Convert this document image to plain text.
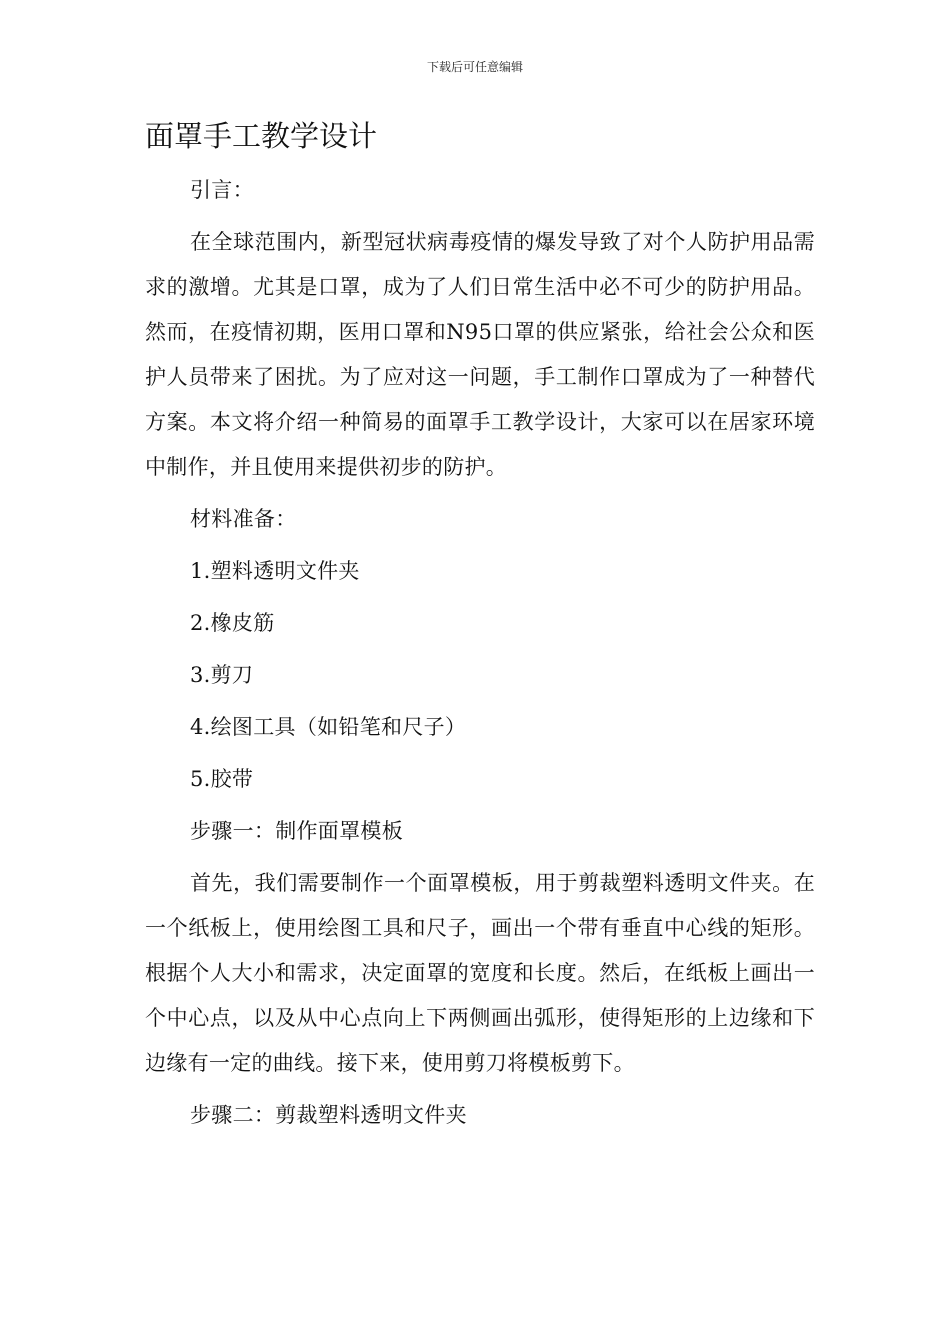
下载后可任意编辑
面罩手工教学设计

引言：

在全球范围内，新型冠状病毒疫情的爆发导致了对个人防护用品需求的激增。尤其是口罩，成为了人们日常生活中必不可少的防护用品。然而，在疫情初期，医用口罩和N95口罩的供应紧张，给社会公众和医护人员带来了困扰。为了应对这一问题，手工制作口罩成为了一种替代方案。本文将介绍一种简易的面罩手工教学设计，大家可以在居家环境中制作，并且使用来提供初步的防护。

材料准备：

1.塑料透明文件夹

2.橡皮筋

3.剪刀

4.绘图工具（如铅笔和尺子）

5.胶带

步骤一：制作面罩模板

首先，我们需要制作一个面罩模板，用于剪裁塑料透明文件夹。在一个纸板上，使用绘图工具和尺子，画出一个带有垂直中心线的矩形。根据个人大小和需求，决定面罩的宽度和长度。然后，在纸板上画出一个中心点，以及从中心点向上下两侧画出弧形，使得矩形的上边缘和下边缘有一定的曲线。接下来，使用剪刀将模板剪下。

步骤二：剪裁塑料透明文件夹
